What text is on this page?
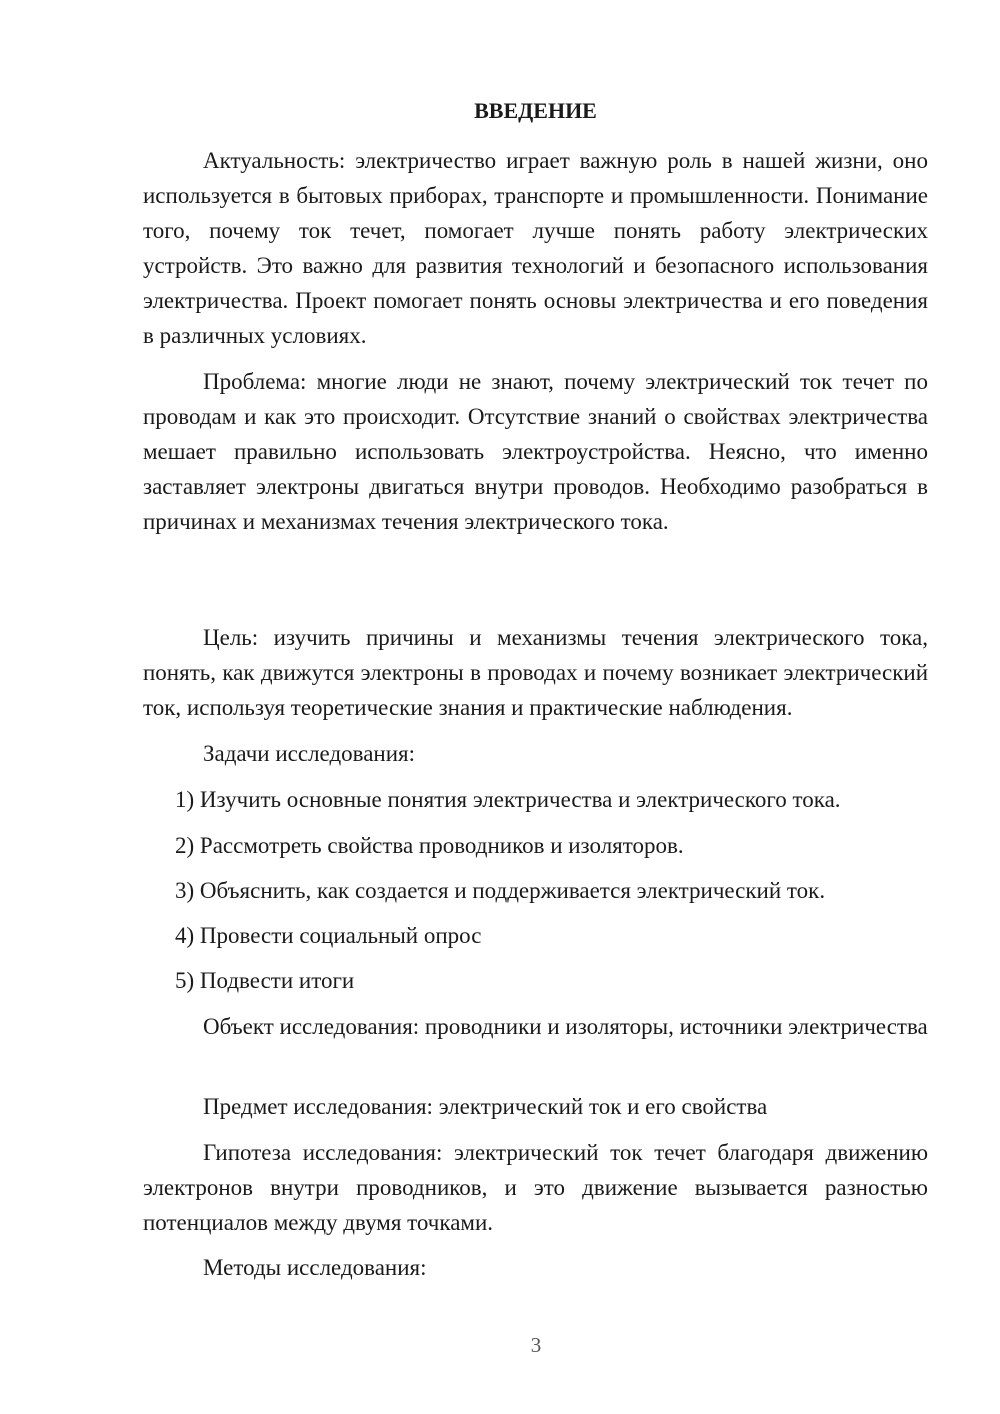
ВВЕДЕНИЕ

Актуальность: электричество играет важную роль в нашей жизни, оно используется в бытовых приборах, транспорте и промышленности. Понимание того, почему ток течет, помогает лучше понять работу электрических устройств. Это важно для развития технологий и безопасного использования электричества. Проект помогает понять основы электричества и его поведения в различных условиях.

Проблема: многие люди не знают, почему электрический ток течет по проводам и как это происходит. Отсутствие знаний о свойствах электричества мешает правильно использовать электроустройства. Неясно, что именно заставляет электроны двигаться внутри проводов. Необходимо разобраться в причинах и механизмах течения электрического тока.

Цель: изучить причины и механизмы течения электрического тока, понять, как движутся электроны в проводах и почему возникает электрический ток, используя теоретические знания и практические наблюдения.

Задачи исследования:

1) Изучить основные понятия электричества и электрического тока.

2) Рассмотреть свойства проводников и изоляторов.

3) Объяснить, как создается и поддерживается электрический ток.

4) Провести социальный опрос

5) Подвести итоги

Объект исследования: проводники и изоляторы, источники электричества

Предмет исследования: электрический ток и его свойства

Гипотеза исследования: электрический ток течет благодаря движению электронов внутри проводников, и это движение вызывается разностью потенциалов между двумя точками.

Методы исследования:

3
